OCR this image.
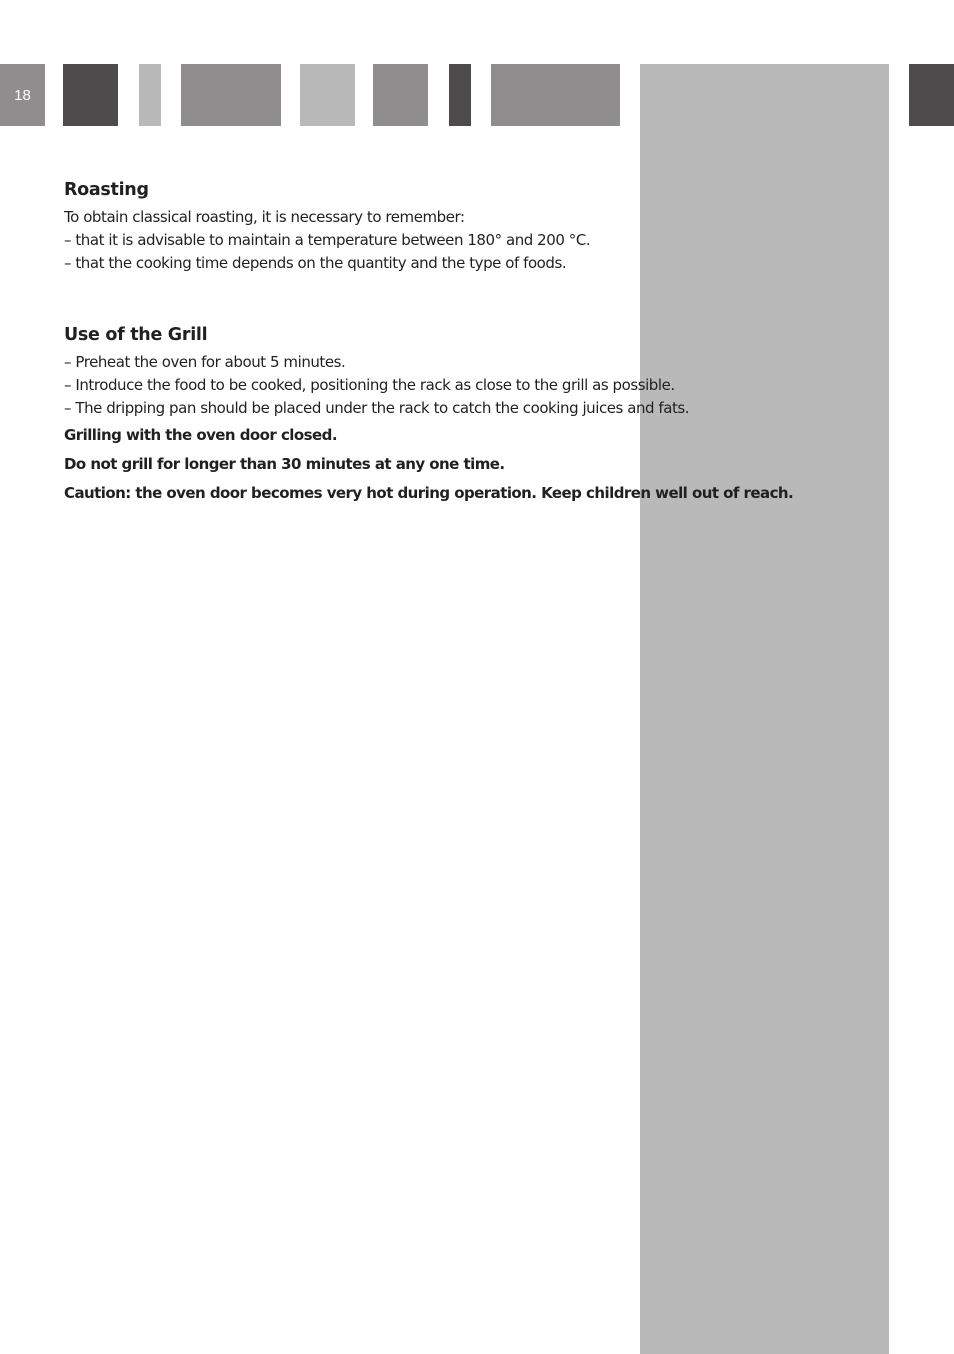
18
Roasting

To obtain classical roasting, it is necessary to remember:

– that it is advisable to maintain a temperature between 180° and 200 °C.

– that the cooking time depends on the quantity and the type of foods.

Use of the Grill

– Preheat the oven for about 5 minutes.

– Introduce the food to be cooked, positioning the rack as close to the grill as possible.

– The dripping pan should be placed under the rack to catch the cooking juices and fats.

Grilling with the oven door closed.

Do not grill for longer than 30 minutes at any one time.

Caution: the oven door becomes very hot during operation. Keep children well out of reach.
